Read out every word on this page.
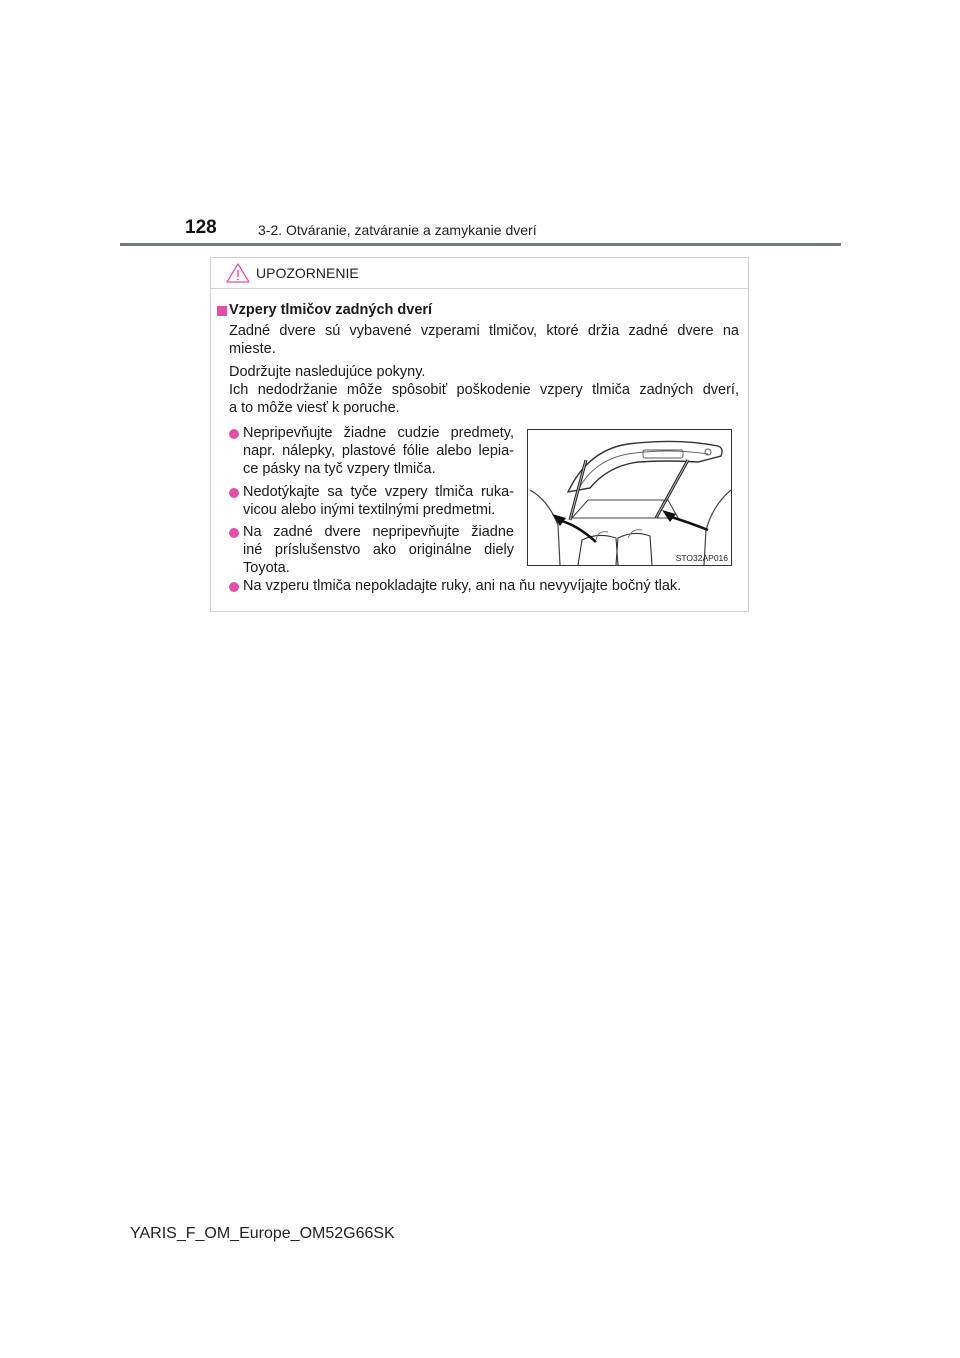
128	3-2. Otváranie, zatváranie a zamykanie dverí
UPOZORNENIE
Vzpery tlmičov zadných dverí
Zadné dvere sú vybavené vzperami tlmičov, ktoré držia zadné dvere na
mieste.
Dodržujte nasledujúce pokyny.
Ich nedodržanie môže spôsobiť poškodenie vzpery tlmiča zadných dverí,
a to môže viesť k poruche.
Nepripevňujte žiadne cudzie predmety,
napr. nálepky, plastové fólie alebo lepia-
ce pásky na tyč vzpery tlmiča.
Nedotýkajte sa tyče vzpery tlmiča ruka-
vicou alebo inými textilnými predmetmi.
Na zadné dvere nepripevňujte žiadne
iné príslušenstvo ako originálne diely
Toyota.
Na vzperu tlmiča nepokladajte ruky, ani na ňu nevyvíjajte bočný tlak.
STO32AP016
YARIS_F_OM_Europe_OM52G66SK
